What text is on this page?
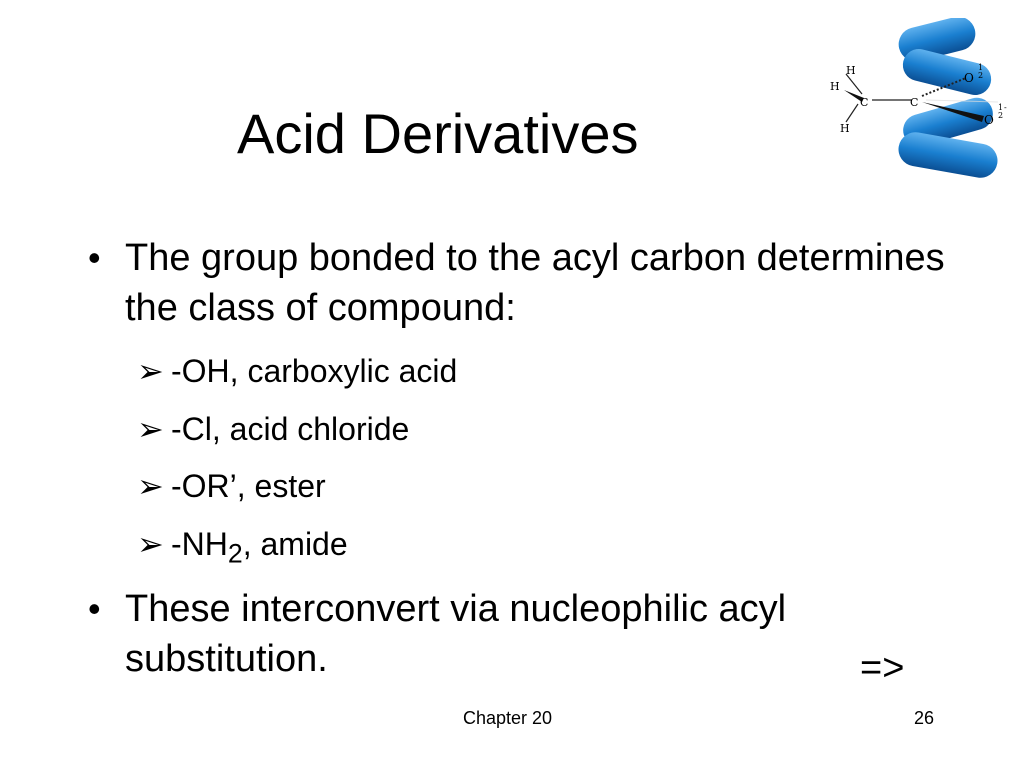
Acid Derivatives
H
H
C	C
H
O
O
1
2
1
2
-
• The group bonded to the acyl carbon determines the class of compound:
➢ -OH, carboxylic acid
➢ -Cl, acid chloride
➢ -OR’, ester
➢ $-NH_2$, amide
• These interconvert via nucleophilic acyl substitution.	=>
Chapter 20	26
